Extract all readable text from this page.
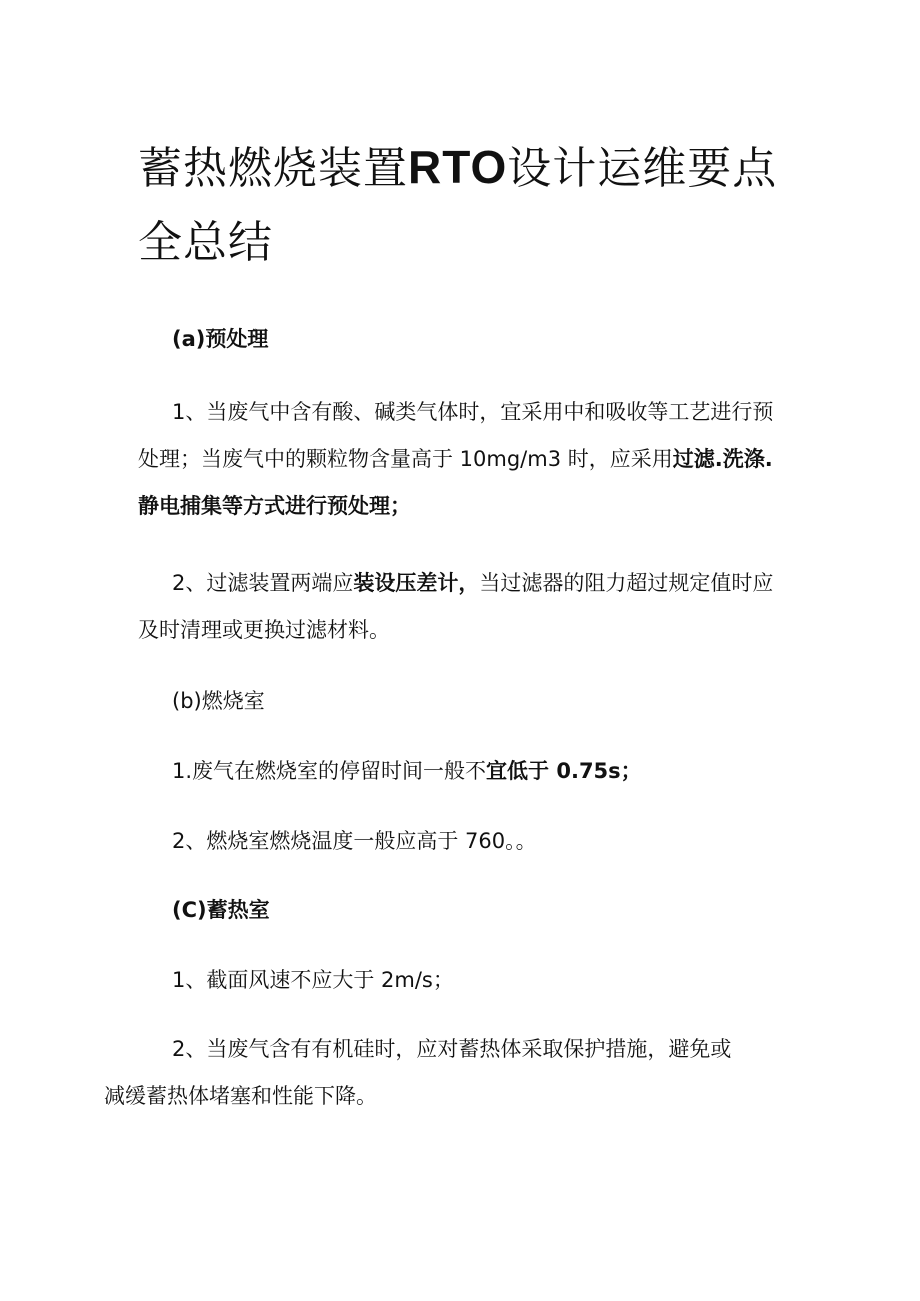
蓄热燃烧装置RTO设计运维要点全总结

(a)预处理

1、当废气中含有酸、碱类气体时，宜采用中和吸收等工艺进行预处理；当废气中的颗粒物含量高于 10mg/m3 时，应采用过滤.洗涤.静电捕集等方式进行预处理；

2、过滤装置两端应装设压差计，当过滤器的阻力超过规定值时应及时清理或更换过滤材料。

(b)燃烧室

1.废气在燃烧室的停留时间一般不宜低于 0.75s；

2、燃烧室燃烧温度一般应高于 760。。

(C)蓄热室

1、截面风速不应大于 2m/s；

2、当废气含有有机硅时，应对蓄热体采取保护措施，避免或
减缓蓄热体堵塞和性能下降。
